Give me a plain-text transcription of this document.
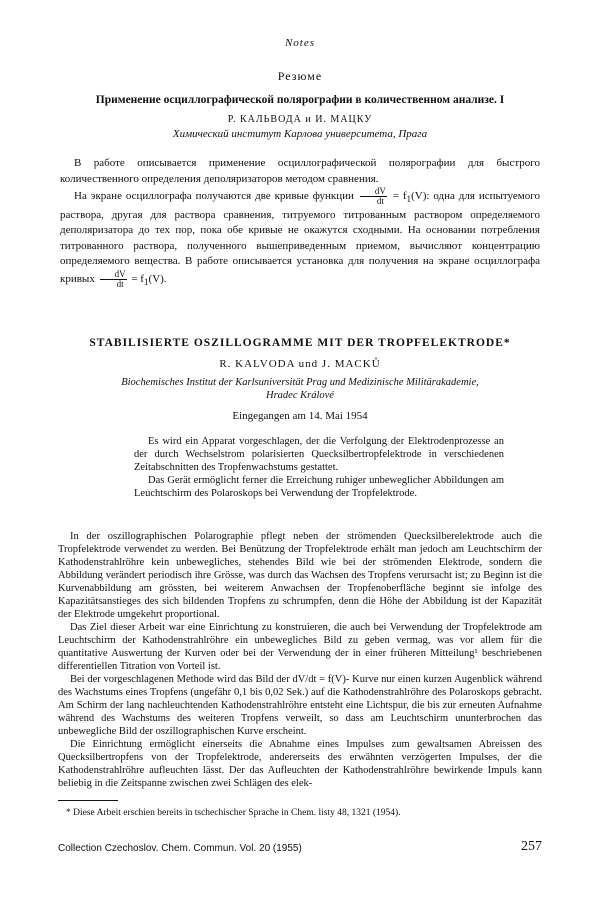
Notes
Резюме
Применение осциллографической полярографии в количественном анализе. I
Р. КАЛЬВОДА и И. МАЦКУ
Химический институт Карлова университета, Прага
В работе описывается применение осциллографической полярографии для быстрого количественного определения деполяризаторов методом сравнения.
На экране осциллографа получаются две кривые функции $\frac{dV}{dt} = f_1(V)$: одна для испытуемого раствора, другая для раствора сравнения, титруемого титрованным раствором определяемого деполяризатора до тех пор, пока обе кривые не окажутся сходными. На основании потребления титрованного раствора, полученного вышеприведенным приемом, вычисляют концентрацию определяемого вещества. В работе описывается установка для получения на экране осциллографа кривых $\frac{dV}{dt} = f_1(V)$.
STABILISIERTE OSZILLOGRAMME MIT DER TROPFELEKTRODE*
R. KALVODA und J. MACKŮ
Biochemisches Institut der Karlsuniversität Prag und Medizinische Militärakademie,
Hradec Králové
Eingegangen am 14. Mai 1954

Es wird ein Apparat vorgeschlagen, der die Verfolgung der Elektrodenprozesse an der durch Wechselstrom polarisierten Quecksilbertropfelektrode in verschiedenen Zeitabschnitten des Tropfenwachstums gestattet.

Das Gerät ermöglicht ferner die Erreichung ruhiger unbeweglicher Abbildungen am Leuchtschirm des Polaroskops bei Verwendung der Tropfelektrode.

In der oszillographischen Polarographie pflegt neben der strömenden Quecksilberelektrode auch die Tropfelektrode verwendet zu werden. Bei Benützung der Tropfelektrode erhält man jedoch am Leuchtschirm der Kathodenstrahlröhre kein unbewegliches, stehendes Bild wie bei der strömenden Elektrode, sondern die Abbildung verändert periodisch ihre Grösse, was durch das Wachsen des Tropfens verursacht ist; zu Beginn ist die Kurvenabbildung am grössten, bei weiterem Anwachsen der Tropfenoberfläche beginnt sie infolge des Kapazitätsanstieges des sich bildenden Tropfens zu schrumpfen, denn die Höhe der Abbildung ist der Kapazität der Elektrode umgekehrt proportional.

Das Ziel dieser Arbeit war eine Einrichtung zu konstruieren, die auch bei Verwendung der Tropfelektrode am Leuchtschirm der Kathodenstrahlröhre ein unbewegliches Bild zu geben vermag, was vor allem für die quantitative Auswertung der Kurven oder bei der Verwendung der in einer früheren Mitteilung¹ beschriebenen differentiellen Titration von Vorteil ist.

Bei der vorgeschlagenen Methode wird das Bild der dV/dt = f(V)- Kurve nur einen kurzen Augenblick während des Wachstums eines Tropfens (ungefähr 0,1 bis 0,02 Sek.) auf die Kathodenstrahlröhre des Polaroskops gebracht. Am Schirm der lang nachleuchtenden Kathodenstrahlröhre entsteht eine Lichtspur, die bis zur erneuten Aufnahme während des Wachstums des weiteren Tropfens verweilt, so dass am Leuchtschirm ununterbrochen das unbewegliche Bild der oszillographischen Kurve erscheint.

Die Einrichtung ermöglicht einerseits die Abnahme eines Impulses zum gewaltsamen Abreissen des Quecksilbertropfens von der Tropfelektrode, andererseits des erwähnten verzögerten Impulses, der die Kathodenstrahlröhre aufleuchten lässt. Der das Aufleuchten der Kathodenstrahlröhre bewirkende Impuls kann beliebig in die Zeitspanne zwischen zwei Schlägen des elek-

* Diese Arbeit erschien bereits in tschechischer Sprache in Chem. listy 48, 1321 (1954).
Collection Czechoslov. Chem. Commun. Vol. 20 (1955)	257
